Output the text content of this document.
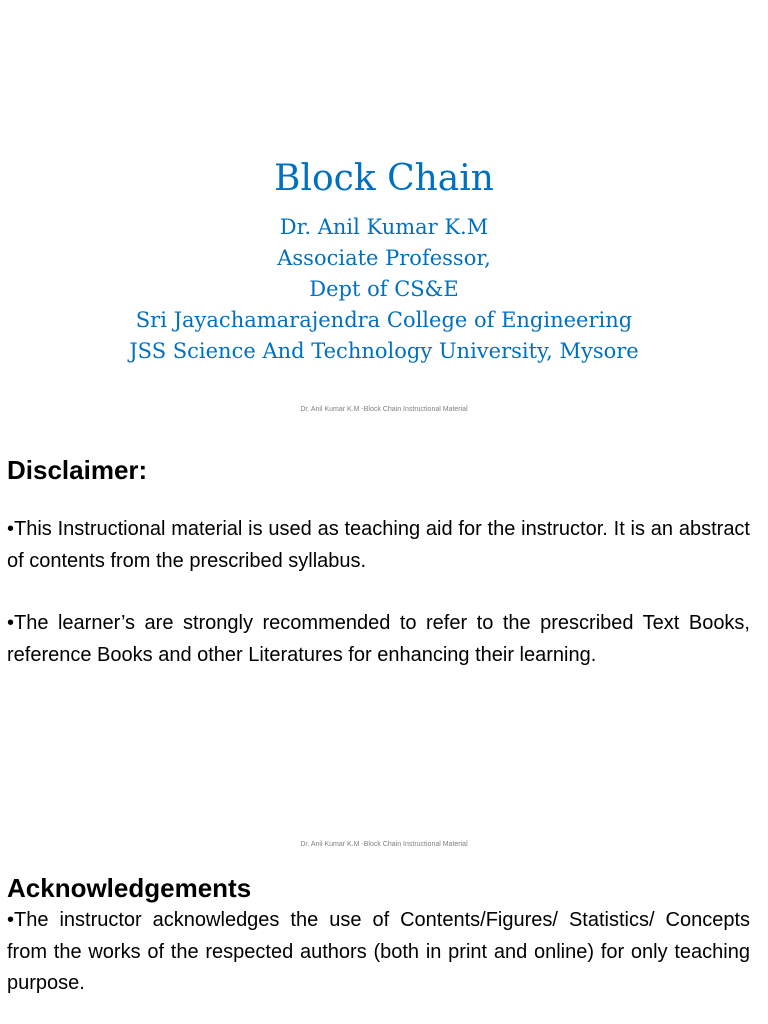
Block Chain
Dr. Anil Kumar K.M
Associate Professor,
Dept of CS&E
Sri Jayachamarajendra College of Engineering
JSS Science And Technology University, Mysore
Dr. Anil Kumar K.M -Block Chain Instructional Material
Disclaimer:
•This Instructional material is used as teaching aid for the instructor. It is an abstract of contents from the prescribed syllabus.
•The learner’s are strongly recommended to refer to the prescribed Text Books, reference Books and other Literatures for enhancing their learning.
Dr. Anil Kumar K.M -Block Chain Instructional Material
Acknowledgements
•The instructor acknowledges the use of Contents/Figures/ Statistics/ Concepts from the works of the respected authors (both in print and online) for only teaching purpose.
